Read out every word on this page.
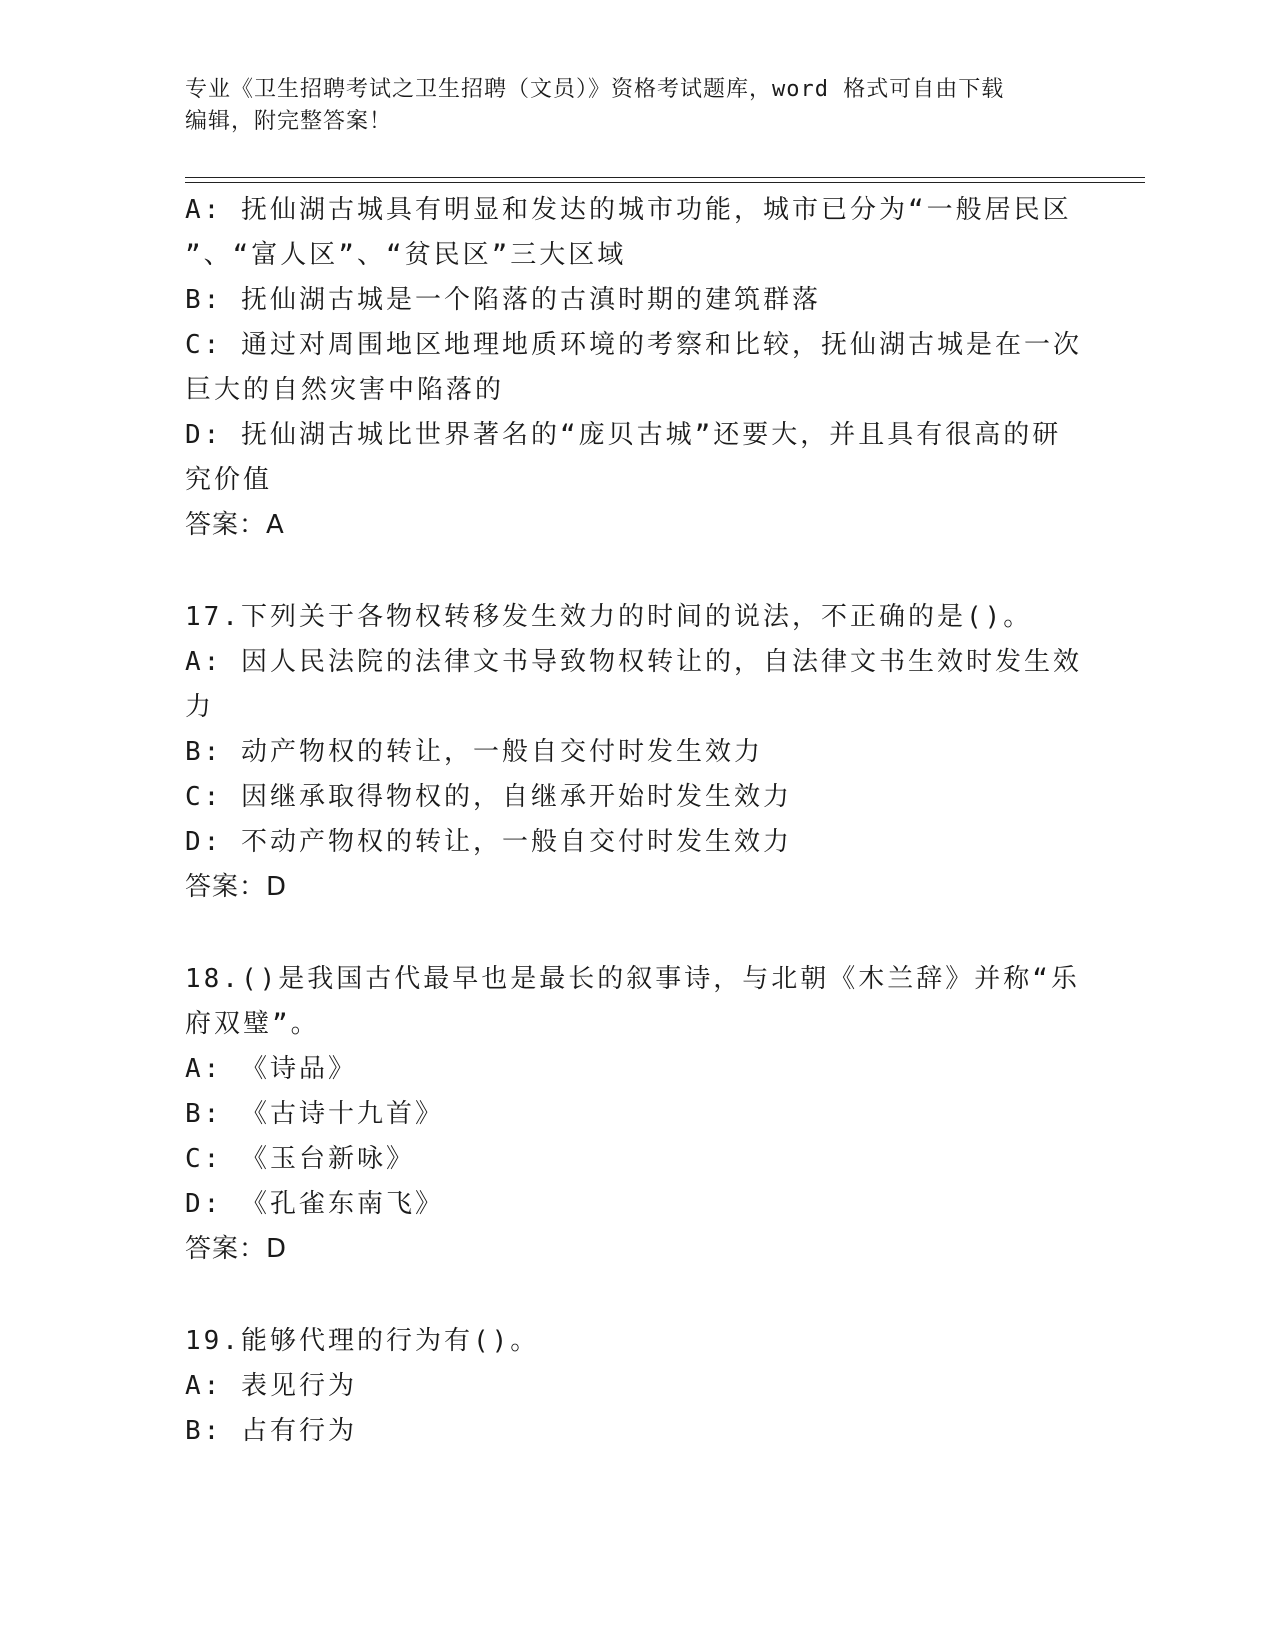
专业《卫生招聘考试之卫生招聘（文员）》资格考试题库，word 格式可自由下载
编辑，附完整答案！
A: 抚仙湖古城具有明显和发达的城市功能，城市已分为“一般居民区
”、“富人区”、“贫民区”三大区域
B: 抚仙湖古城是一个陷落的古滇时期的建筑群落
C: 通过对周围地区地理地质环境的考察和比较，抚仙湖古城是在一次
巨大的自然灾害中陷落的
D: 抚仙湖古城比世界著名的“庞贝古城”还要大，并且具有很高的研
究价值
答案：A
17.下列关于各物权转移发生效力的时间的说法，不正确的是()。
A: 因人民法院的法律文书导致物权转让的，自法律文书生效时发生效
力
B: 动产物权的转让，一般自交付时发生效力
C: 因继承取得物权的，自继承开始时发生效力
D: 不动产物权的转让，一般自交付时发生效力
答案：D
18.()是我国古代最早也是最长的叙事诗，与北朝《木兰辞》并称“乐
府双璧”。
A: 《诗品》
B: 《古诗十九首》
C: 《玉台新咏》
D: 《孔雀东南飞》
答案：D
19.能够代理的行为有()。
A: 表见行为
B: 占有行为
